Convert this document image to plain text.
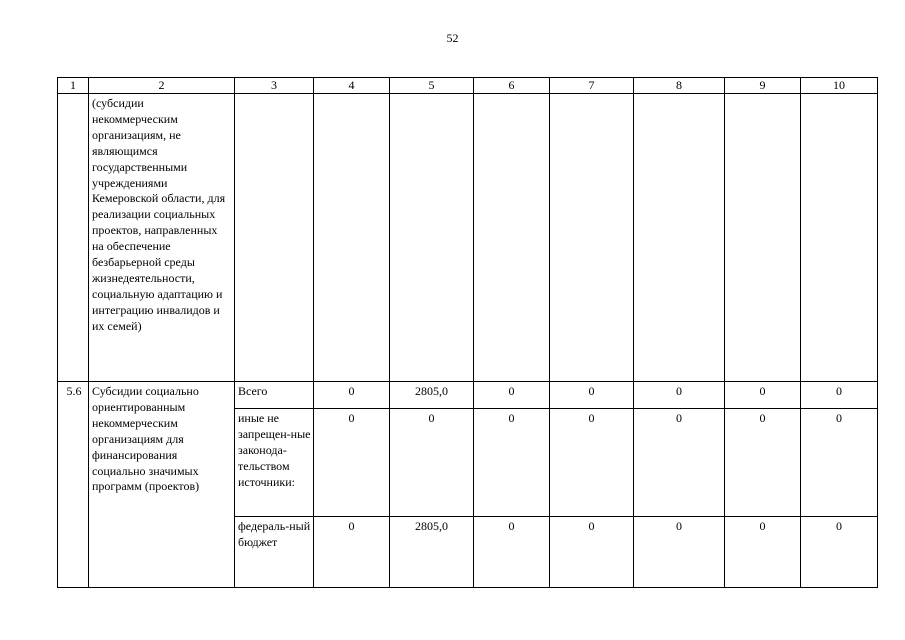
52
1	2	3	4	5	6	7	8	9	10
	(субсидии некоммерческим организациям, не являющимся государственными учреждениями Кемеровской области, для реализации социальных проектов, направленных на обеспечение безбарьерной среды жизнедеятельности, социальную адаптацию и интеграцию инвалидов и их семей)								
5.6	Субсидии социально ориентированным некоммерческим организациям для финансирования социально значимых программ (проектов)	Всего	0	2805,0	0	0	0	0	0
		иные не запрещен-ные законода-тельством источники:	0	0	0	0	0	0	0
		федераль-ный бюджет	0	2805,0	0	0	0	0	0
